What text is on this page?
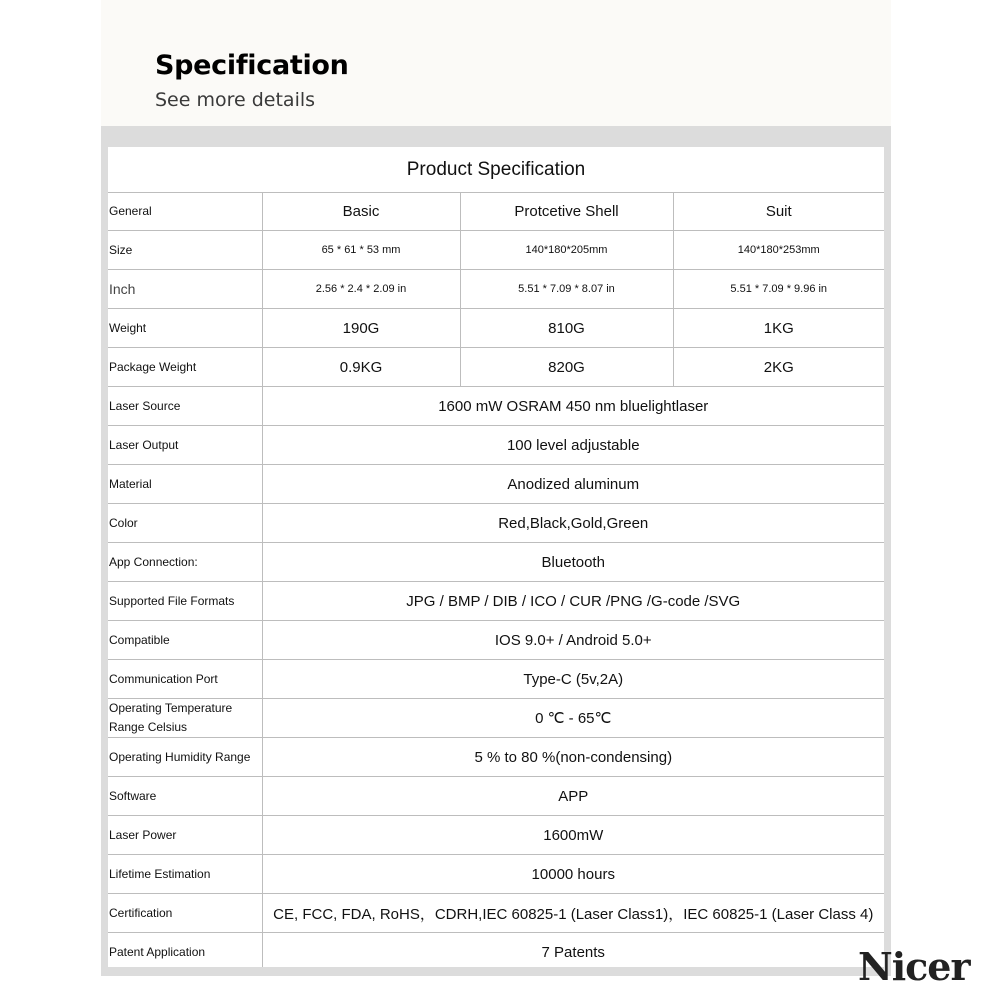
Specification
See more details
Product Specification
General	Basic	Protcetive Shell	Suit
Size	65 * 61 * 53 mm	140*180*205mm	140*180*253mm
Inch	2.56 * 2.4 * 2.09 in	5.51 * 7.09 * 8.07 in	5.51 * 7.09 * 9.96 in
Weight	190G	810G	1KG
Package Weight	0.9KG	820G	2KG
Laser Source	1600 mW OSRAM 450 nm bluelightlaser		
Laser Output	100 level adjustable		
Material	Anodized aluminum		
Color	Red,Black,Gold,Green		
App Connection:	Bluetooth		
Supported File Formats	JPG / BMP / DIB / ICO / CUR /PNG /G-code /SVG		
Compatible	IOS 9.0+ / Android 5.0+		
Communication Port	Type-C (5v,2A)		
Operating Temperature Range Celsius	0 ℃ - 65℃		
Operating Humidity Range	5 % to 80 %(non-condensing)		
Software	APP		
Laser Power	1600mW		
Lifetime Estimation	10000 hours		
Certification	CE, FCC, FDA, RoHS，CDRH,IEC 60825-1 (Laser Class1)，IEC 60825-1 (Laser Class 4)		
Patent Application	7 Patents			Nicer
